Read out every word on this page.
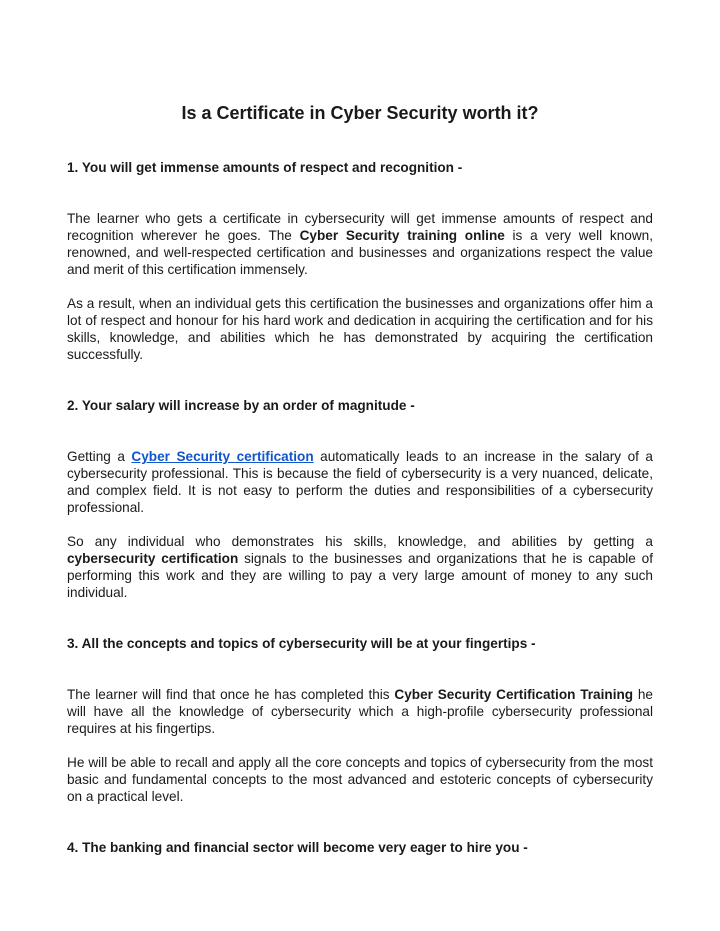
Is a Certificate in Cyber Security worth it?

1. You will get immense amounts of respect and recognition -

The learner who gets a certificate in cybersecurity will get immense amounts of respect and recognition wherever he goes. The Cyber Security training online is a very well known, renowned, and well-respected certification and businesses and organizations respect the value and merit of this certification immensely.

As a result, when an individual gets this certification the businesses and organizations offer him a lot of respect and honour for his hard work and dedication in acquiring the certification and for his skills, knowledge, and abilities which he has demonstrated by acquiring the certification successfully.

2. Your salary will increase by an order of magnitude -

Getting a Cyber Security certification automatically leads to an increase in the salary of a cybersecurity professional. This is because the field of cybersecurity is a very nuanced, delicate, and complex field. It is not easy to perform the duties and responsibilities of a cybersecurity professional.

So any individual who demonstrates his skills, knowledge, and abilities by getting a cybersecurity certification signals to the businesses and organizations that he is capable of performing this work and they are willing to pay a very large amount of money to any such individual.

3. All the concepts and topics of cybersecurity will be at your fingertips -

The learner will find that once he has completed this Cyber Security Certification Training he will have all the knowledge of cybersecurity which a high-profile cybersecurity professional requires at his fingertips.

He will be able to recall and apply all the core concepts and topics of cybersecurity from the most basic and fundamental concepts to the most advanced and estoteric concepts of cybersecurity on a practical level.

4. The banking and financial sector will become very eager to hire you -
